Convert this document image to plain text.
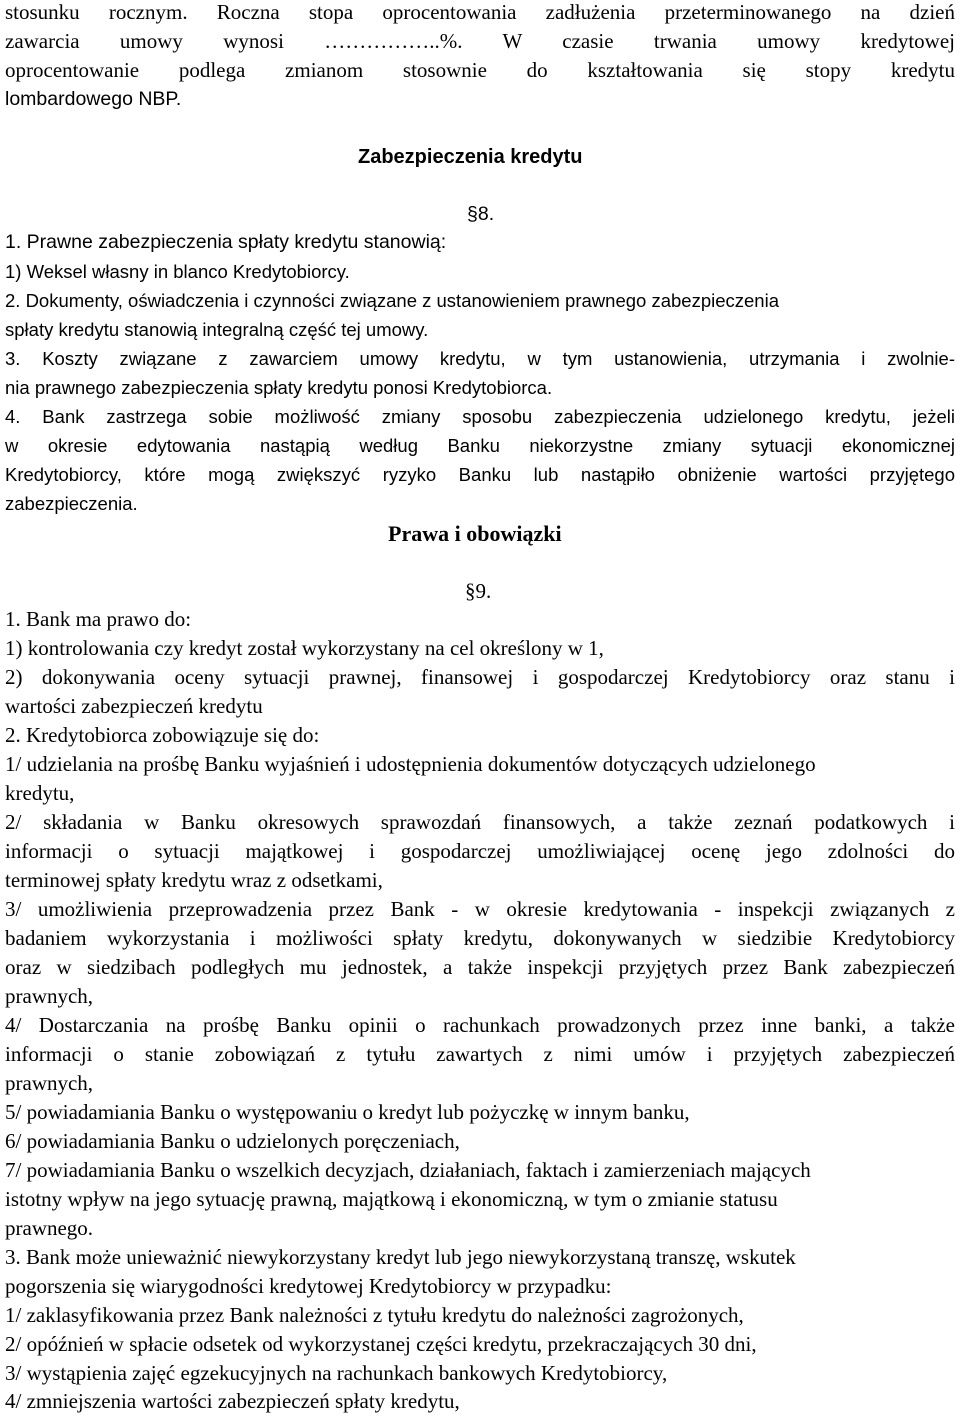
stosunku rocznym. Roczna stopa oprocentowania zadłużenia przeterminowanego na dzień
zawarcia umowy wynosi ……………..%. W czasie trwania umowy kredytowej
oprocentowanie podlega zmianom stosownie do kształtowania się stopy kredytu
lombardowego NBP.
Zabezpieczenia kredytu
§8.
1. Prawne zabezpieczenia spłaty kredytu stanowią:
1) Weksel własny in blanco Kredytobiorcy.
2. Dokumenty, oświadczenia i czynności związane z ustanowieniem prawnego zabezpieczenia
spłaty kredytu stanowią integralną część tej umowy.
3. Koszty związane z zawarciem umowy kredytu, w tym ustanowienia, utrzymania i zwolnie-
nia prawnego zabezpieczenia spłaty kredytu ponosi Kredytobiorca.
4. Bank zastrzega sobie możliwość zmiany sposobu zabezpieczenia udzielonego kredytu, jeżeli
w okresie edytowania nastąpią według Banku niekorzystne zmiany sytuacji ekonomicznej
Kredytobiorcy, które mogą zwiększyć ryzyko Banku lub nastąpiło obniżenie wartości przyjętego
zabezpieczenia.
Prawa i obowiązki
§9.
1. Bank ma prawo do:
1) kontrolowania czy kredyt został wykorzystany na cel określony w 1,
2) dokonywania oceny sytuacji prawnej, finansowej i gospodarczej Kredytobiorcy oraz stanu i
wartości zabezpieczeń kredytu
2. Kredytobiorca zobowiązuje się do:
1/ udzielania na prośbę Banku wyjaśnień i udostępnienia dokumentów dotyczących udzielonego
kredytu,
2/ składania w Banku okresowych sprawozdań finansowych, a także zeznań podatkowych i
informacji o sytuacji majątkowej i gospodarczej umożliwiającej ocenę jego zdolności do
terminowej spłaty kredytu wraz z odsetkami,
3/ umożliwienia przeprowadzenia przez Bank - w okresie kredytowania - inspekcji związanych z
badaniem wykorzystania i możliwości spłaty kredytu, dokonywanych w siedzibie Kredytobiorcy
oraz w siedzibach podległych mu jednostek, a także inspekcji przyjętych przez Bank zabezpieczeń
prawnych,
4/ Dostarczania na prośbę Banku opinii o rachunkach prowadzonych przez inne banki, a także
informacji o stanie zobowiązań z tytułu zawartych z nimi umów i przyjętych zabezpieczeń
prawnych,
5/ powiadamiania Banku o występowaniu o kredyt lub pożyczkę w innym banku,
6/ powiadamiania Banku o udzielonych poręczeniach,
7/ powiadamiania Banku o wszelkich decyzjach, działaniach, faktach i zamierzeniach mających
istotny wpływ na jego sytuację prawną, majątkową i ekonomiczną, w tym o zmianie statusu
prawnego.
3. Bank może unieważnić niewykorzystany kredyt lub jego niewykorzystaną transzę, wskutek
pogorszenia się wiarygodności kredytowej Kredytobiorcy w przypadku:
1/ zaklasyfikowania przez Bank należności z tytułu kredytu do należności zagrożonych,
2/ opóźnień w spłacie odsetek od wykorzystanej części kredytu, przekraczających 30 dni,
3/ wystąpienia zajęć egzekucyjnych na rachunkach bankowych Kredytobiorcy,
4/ zmniejszenia wartości zabezpieczeń spłaty kredytu,
